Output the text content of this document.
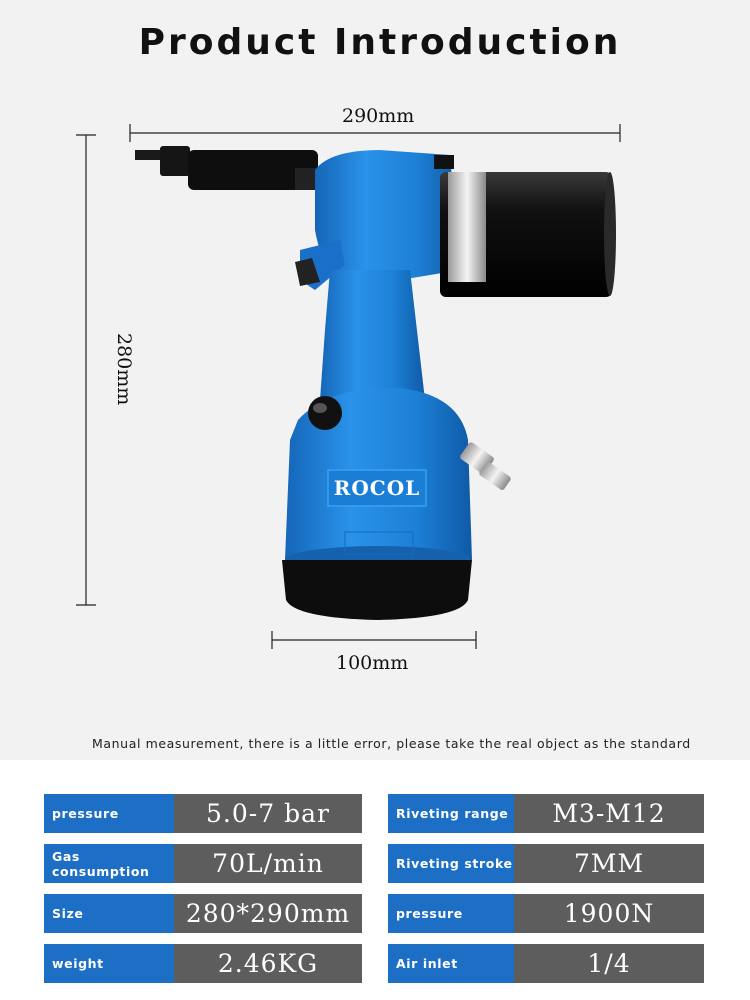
Product Introduction
ROCOL
290mm
280mm
100mm
Manual measurement, there is a little error, please take the real object as the standard
pressure	5.0-7 bar
Gas consumption	70L/min
Size	280*290mm
weight	2.46KG
Riveting range	M3-M12
Riveting stroke	7MM
pressure	1900N
Air inlet	1/4
